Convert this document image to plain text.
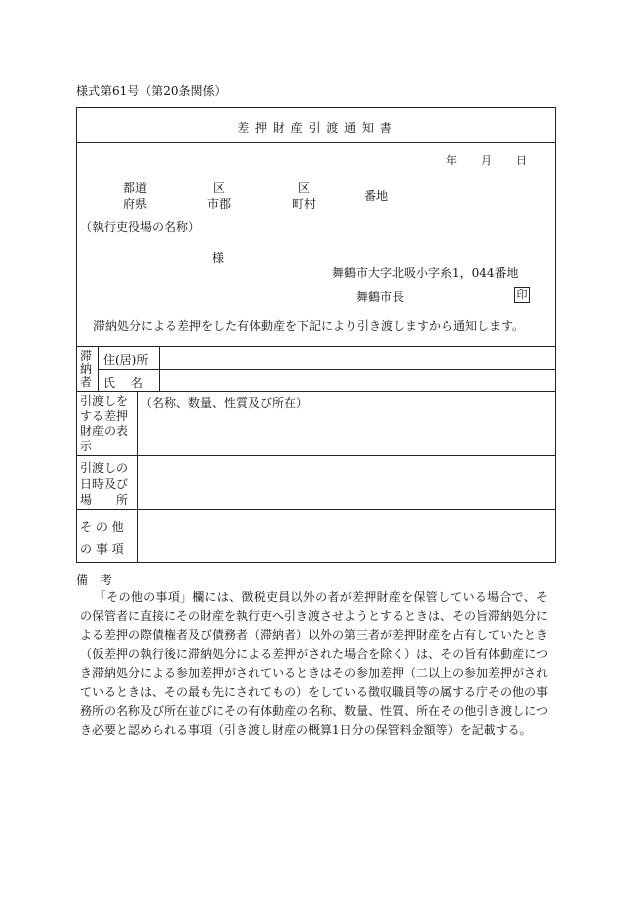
様式第61号（第20条関係）
差 押 財 産 引 渡 通 知 書
年 月 日
都道
府県
区
市郡
区
町村
番地
（執行吏役場の名称）
様
舞鶴市大字北吸小字糸1，044番地
舞鶴市長	印
滞納処分による差押をした有体動産を下記により引き渡しますから通知します。
滞納者
住(居)所
氏　 名
引渡しをする差押財産の表示
（名称、数量、性質及び所在）
引渡しの
日時及び
場　　所
そ の 他
の 事 項
備　考
「その他の事項」欄には、徴税吏員以外の者が差押財産を保管している場合で、その保管者に直接にその財産を執行吏へ引き渡させようとするときは、その旨滞納処分による差押の際債権者及び債務者（滞納者）以外の第三者が差押財産を占有していたとき（仮差押の執行後に滞納処分による差押がされた場合を除く）は、その旨有体動産につき滞納処分による参加差押がされているときはその参加差押（二以上の参加差押がされているときは、その最も先にされてもの）をしている徴収職員等の属する庁その他の事務所の名称及び所在並びにその有体動産の名称、数量、性質、所在その他引き渡しにつき必要と認められる事項（引き渡し財産の概算1日分の保管料金額等）を記載する。
